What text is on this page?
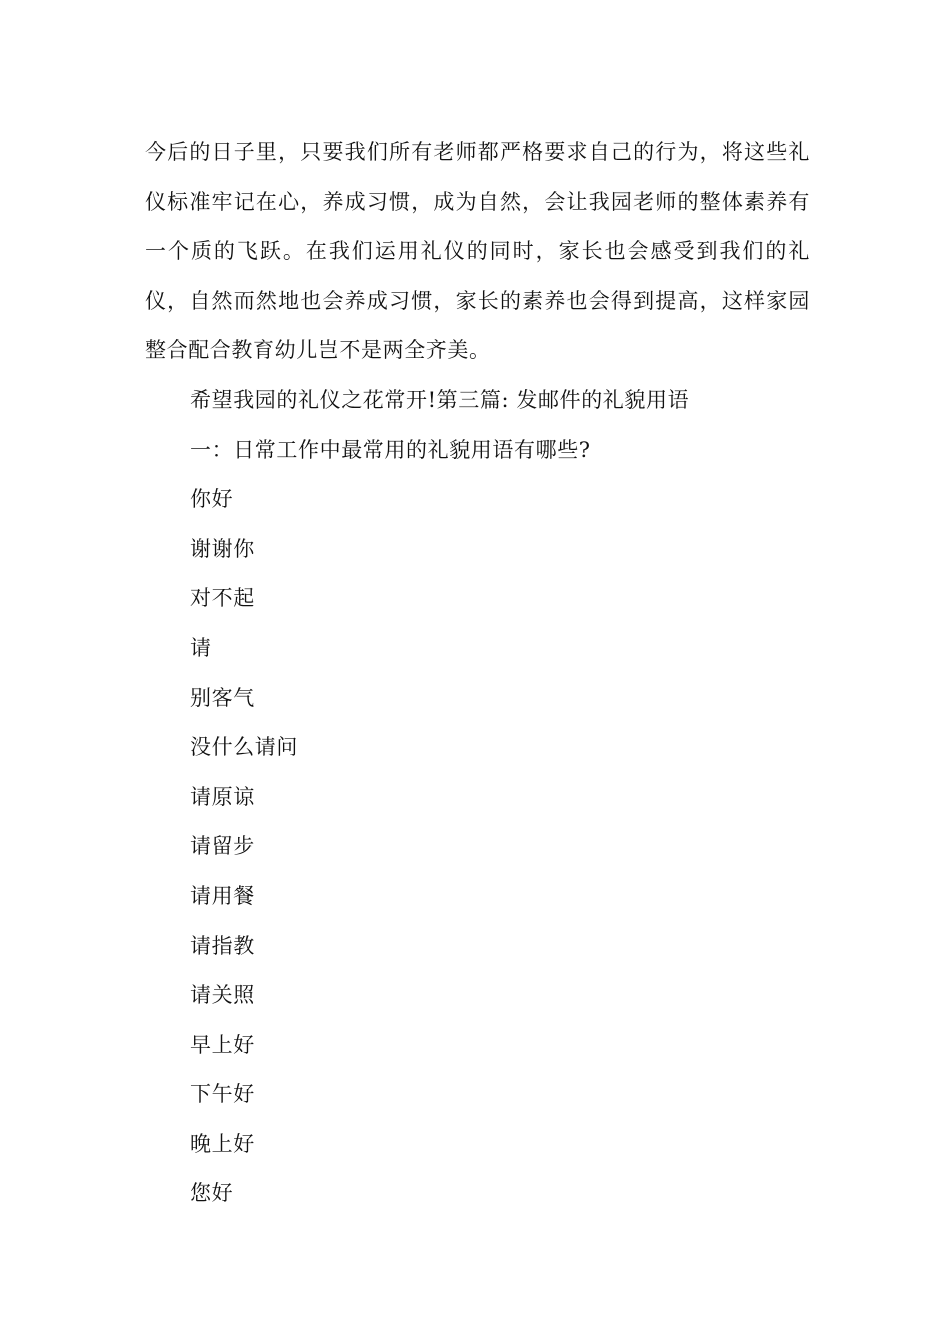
今后的日子里，只要我们所有老师都严格要求自己的行为，将这些礼仪标准牢记在心，养成习惯，成为自然，会让我园老师的整体素养有一个质的飞跃。在我们运用礼仪的同时，家长也会感受到我们的礼仪，自然而然地也会养成习惯，家长的素养也会得到提高，这样家园整合配合教育幼儿岂不是两全齐美。

希望我园的礼仪之花常开!第三篇: 发邮件的礼貌用语

一：日常工作中最常用的礼貌用语有哪些?

你好

谢谢你

对不起

请

别客气

没什么请问

请原谅

请留步

请用餐

请指教

请关照

早上好

下午好

晚上好

您好
